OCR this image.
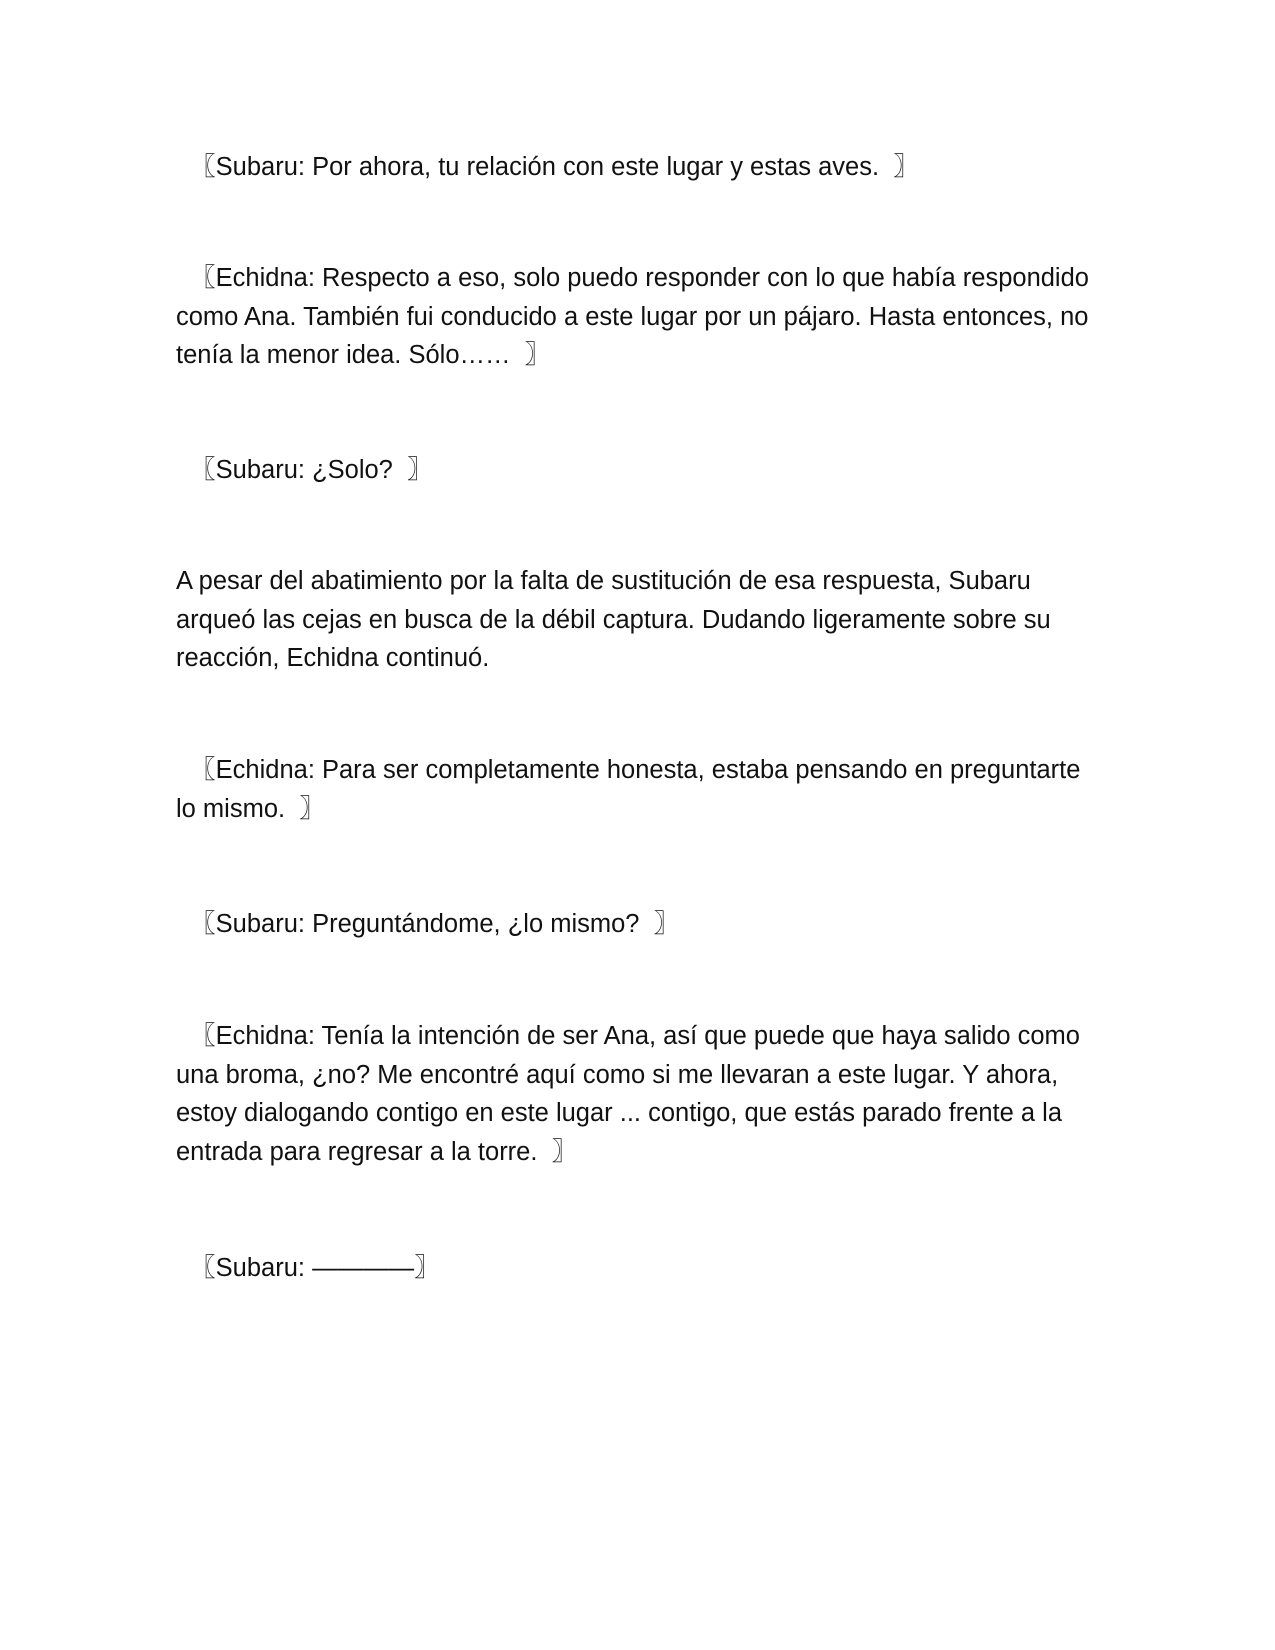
〖Subaru: Por ahora, tu relación con este lugar y estas aves.  〗

〖Echidna: Respecto a eso, solo puedo responder con lo que había respondido como Ana. También fui conducido a este lugar por un pájaro. Hasta entonces, no tenía la menor idea. Sólo……  〗

〖Subaru: ¿Solo?  〗

A pesar del abatimiento por la falta de sustitución de esa respuesta, Subaru arqueó las cejas en busca de la débil captura. Dudando ligeramente sobre su reacción, Echidna continuó.

〖Echidna: Para ser completamente honesta, estaba pensando en preguntarte lo mismo.  〗

〖Subaru: Preguntándome, ¿lo mismo?  〗

〖Echidna: Tenía la intención de ser Ana, así que puede que haya salido como una broma, ¿no? Me encontré aquí como si me llevaran a este lugar. Y ahora, estoy dialogando contigo en este lugar ... contigo, que estás parado frente a la entrada para regresar a la torre.  〗

〖Subaru: ————〗
